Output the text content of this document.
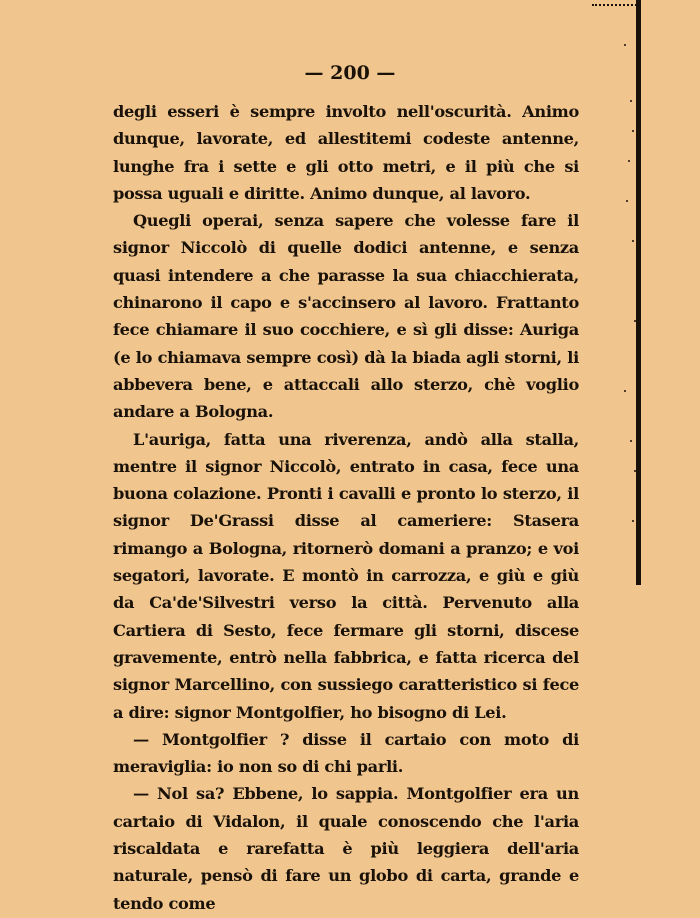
— 200 —

degli esseri è sempre involto nell'oscurità. Animo dunque, lavorate, ed allestitemi codeste antenne, lunghe fra i sette e gli otto metri, e il più che si possa uguali e diritte. Animo dunque, al lavoro.

Quegli operai, senza sapere che volesse fare il signor Niccolò di quelle dodici antenne, e senza quasi intendere a che parasse la sua chiacchierata, chinarono il capo e s'accinsero al lavoro. Frattanto fece chiamare il suo cocchiere, e sì gli disse: Auriga (e lo chiamava sempre così) dà la biada agli storni, li abbevera bene, e attaccali allo sterzo, chè voglio andare a Bologna.

L'auriga, fatta una riverenza, andò alla stalla, mentre il signor Niccolò, entrato in casa, fece una buona colazione. Pronti i cavalli e pronto lo sterzo, il signor De'Grassi disse al cameriere: Stasera rimango a Bologna, ritornerò domani a pranzo; e voi segatori, lavorate. E montò in carrozza, e giù e giù da Ca'de'Silvestri verso la città. Pervenuto alla Cartiera di Sesto, fece fermare gli storni, discese gravemente, entrò nella fabbrica, e fatta ricerca del signor Marcellino, con sussiego caratteristico si fece a dire: signor Montgolfier, ho bisogno di Lei.

— Montgolfier ? disse il cartaio con moto di meraviglia: io non so di chi parli.

— Nol sa? Ebbene, lo sappia. Montgolfier era un cartaio di Vidalon, il quale conoscendo che l'aria riscaldata e rarefatta è più leggiera dell'aria naturale, pensò di fare un globo di carta, grande e tendo come
